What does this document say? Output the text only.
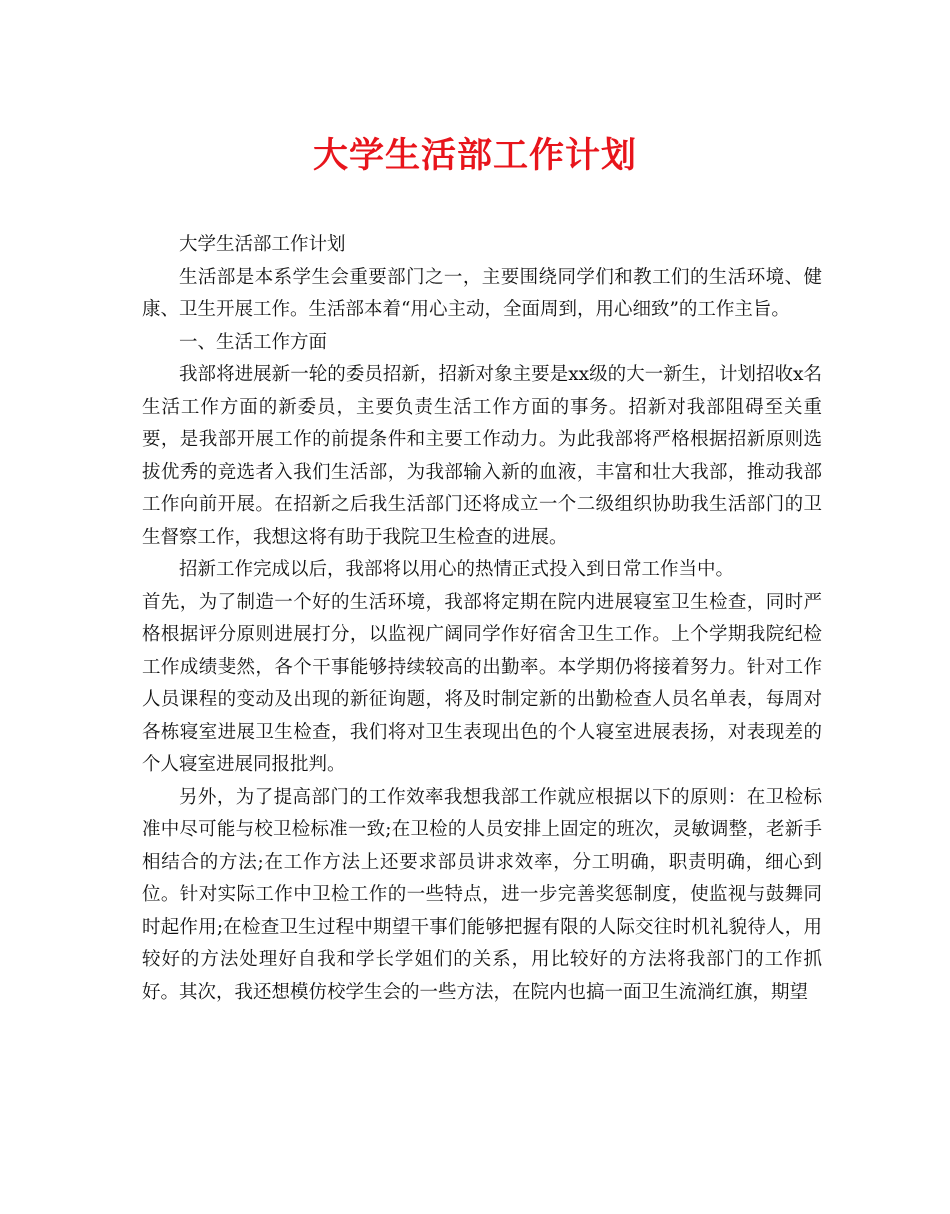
大学生活部工作计划

大学生活部工作计划

生活部是本系学生会重要部门之一，主要围绕同学们和教工们的生活环境、健康、卫生开展工作。生活部本着“用心主动，全面周到，用心细致”的工作主旨。

一、生活工作方面

我部将进展新一轮的委员招新，招新对象主要是xx级的大一新生，计划招收x名生活工作方面的新委员，主要负责生活工作方面的事务。招新对我部阻碍至关重要，是我部开展工作的前提条件和主要工作动力。为此我部将严格根据招新原则选拔优秀的竞选者入我们生活部，为我部输入新的血液，丰富和壮大我部，推动我部工作向前开展。在招新之后我生活部门还将成立一个二级组织协助我生活部门的卫生督察工作，我想这将有助于我院卫生检查的进展。

招新工作完成以后，我部将以用心的热情正式投入到日常工作当中。

首先，为了制造一个好的生活环境，我部将定期在院内进展寝室卫生检查，同时严格根据评分原则进展打分，以监视广阔同学作好宿舍卫生工作。上个学期我院纪检工作成绩斐然，各个干事能够持续较高的出勤率。本学期仍将接着努力。针对工作人员课程的变动及出现的新征询题，将及时制定新的出勤检查人员名单表，每周对各栋寝室进展卫生检查，我们将对卫生表现出色的个人寝室进展表扬，对表现差的个人寝室进展同报批判。

另外，为了提高部门的工作效率我想我部工作就应根据以下的原则：在卫检标准中尽可能与校卫检标准一致;在卫检的人员安排上固定的班次，灵敏调整，老新手相结合的方法;在工作方法上还要求部员讲求效率，分工明确，职责明确，细心到位。针对实际工作中卫检工作的一些特点，进一步完善奖惩制度，使监视与鼓舞同时起作用;在检查卫生过程中期望干事们能够把握有限的人际交往时机礼貌待人，用较好的方法处理好自我和学长学姐们的关系，用比较好的方法将我部门的工作抓好。其次，我还想模仿校学生会的一些方法，在院内也搞一面卫生流淌红旗，期望
